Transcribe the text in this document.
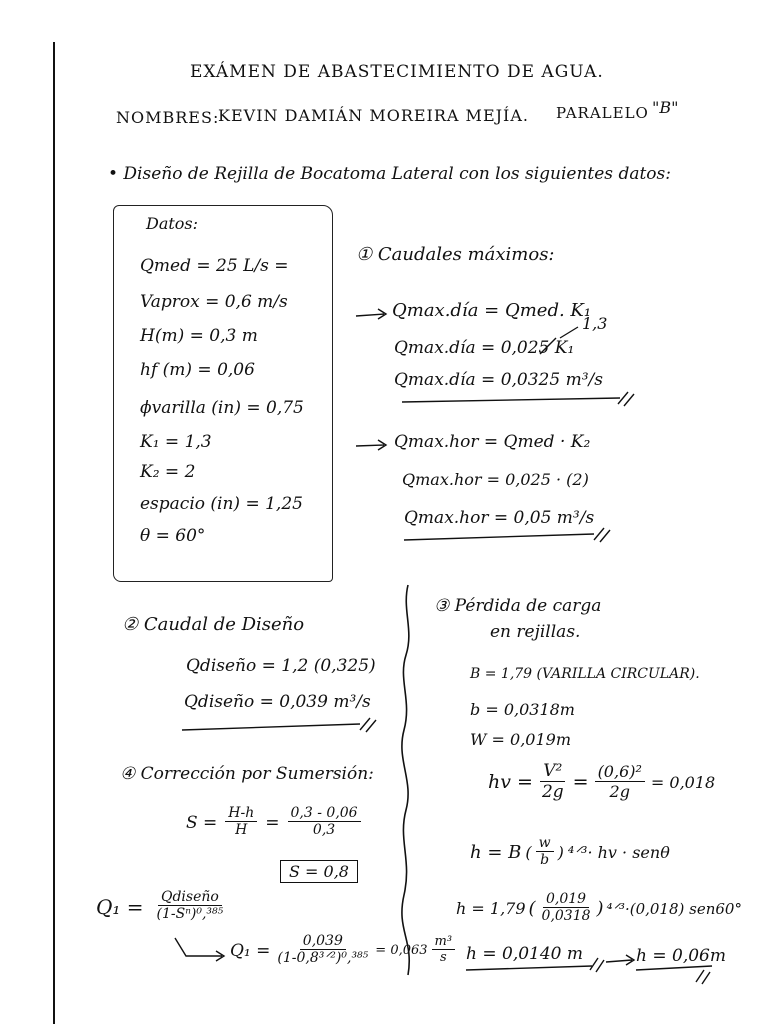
EXÁMEN DE ABASTECIMIENTO DE AGUA.
NOMBRES:
KEVIN DAMIÁN MOREIRA MEJÍA. PARALELO "B"
• Diseño de Rejilla de Bocatoma Lateral con los siguientes datos:
Datos:
Qmed = 25 L/s =
Vaprox = 0,6 m/s
H(m) = 0,3 m
hf (m) = 0,06
ϕvarilla (in) = 0,75
K₁ = 1,3
K₂ = 2
espacio (in) = 1,25
θ = 60°
① Caudales máximos:
Qmax.día = Qmed. K₁
Qmax.día = 0,025 K₁
1,3
Qmax.día = 0,0325 m³/s
Qmax.hor = Qmed · K₂
Qmax.hor = 0,025 · (2)
Qmax.hor = 0,05 m³/s
② Caudal de Diseño
Qdiseño = 1,2 (0,325)
Qdiseño = 0,039 m³/s
③ Pérdida de carga
en rejillas.
B = 1,79 (VARILLA CIRCULAR).
b = 0,0318m
W = 0,019m
hv = $\frac{\text{V²}}{2g} = \frac{\text{(0,6)²}}{2g} = 0,018$
h = B ( $\frac{w}{b}$ ) ⁴ᐟ³· hv · senθ
h = 1,79 ( $\frac{0,019}{0,0318}$ ) ⁴ᐟ³·(0,018) sen60°
h = 0,0140 m	h = 0,06m
④ Corrección por Sumersión:
$S = \frac{H-h}{H} = \frac{0,3 - 0,06}{0,3}$
S = 0,8
$Q_1 = \frac{\text{Qdiseño}}{\text{(1-Sⁿ)⁰,³⁸⁵}}$
$Q_1 = \frac{0,039}{\text{(1-0,8³ᐟ²)⁰,³⁸⁵}} = 0,063 \frac{\text{m³}}{s}$
